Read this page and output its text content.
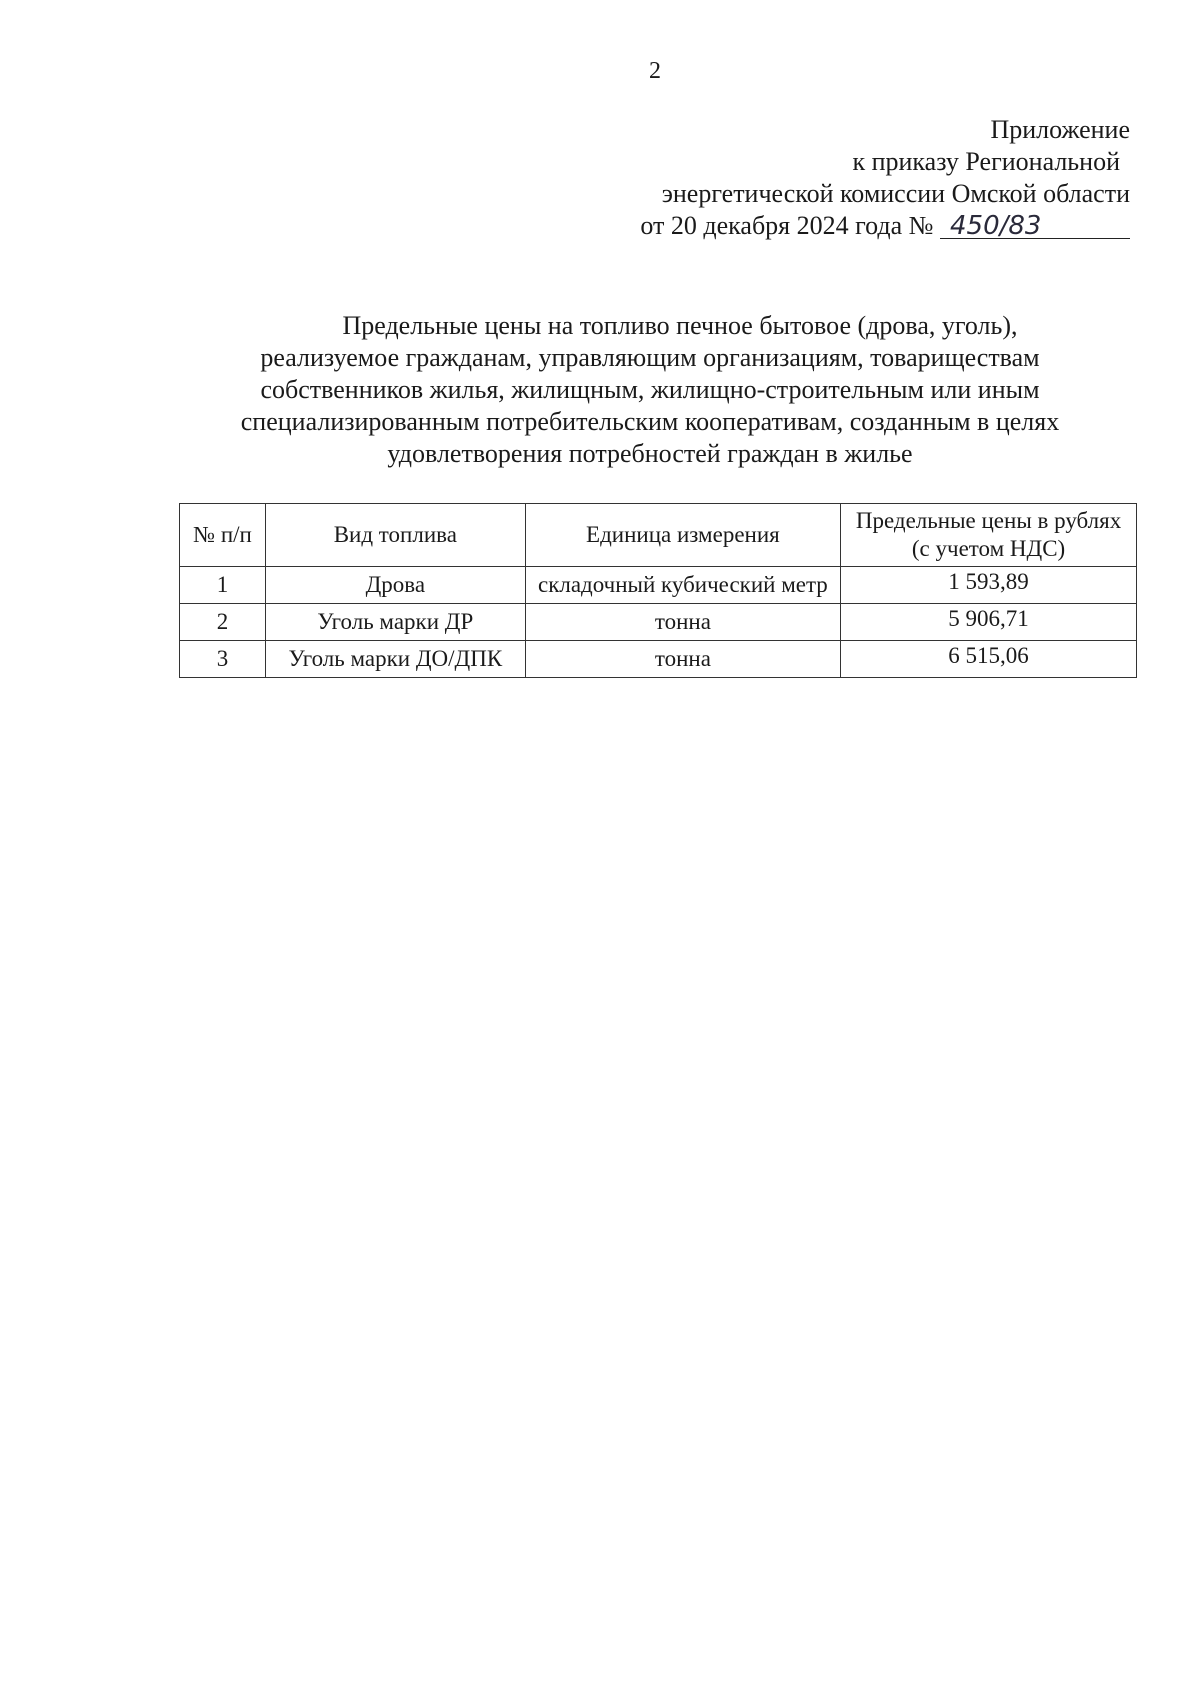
2
Приложение
к приказу Региональной
энергетической комиссии Омской области
от 20 декабря 2024 года № 450/83
Предельные цены на топливо печное бытовое (дрова, уголь),
реализуемое гражданам, управляющим организациям, товариществам
собственников жилья, жилищным, жилищно-строительным или иным
специализированным потребительским кооперативам, созданным в целях
удовлетворения потребностей граждан в жилье
№ п/п	Вид топлива	Единица измерения	Предельные цены в рублях
(с учетом НДС)

1	Дрова	складочный кубический метр	1 593,89
2	Уголь марки ДР	тонна	5 906,71
3	Уголь марки ДО/ДПК	тонна	6 515,06
